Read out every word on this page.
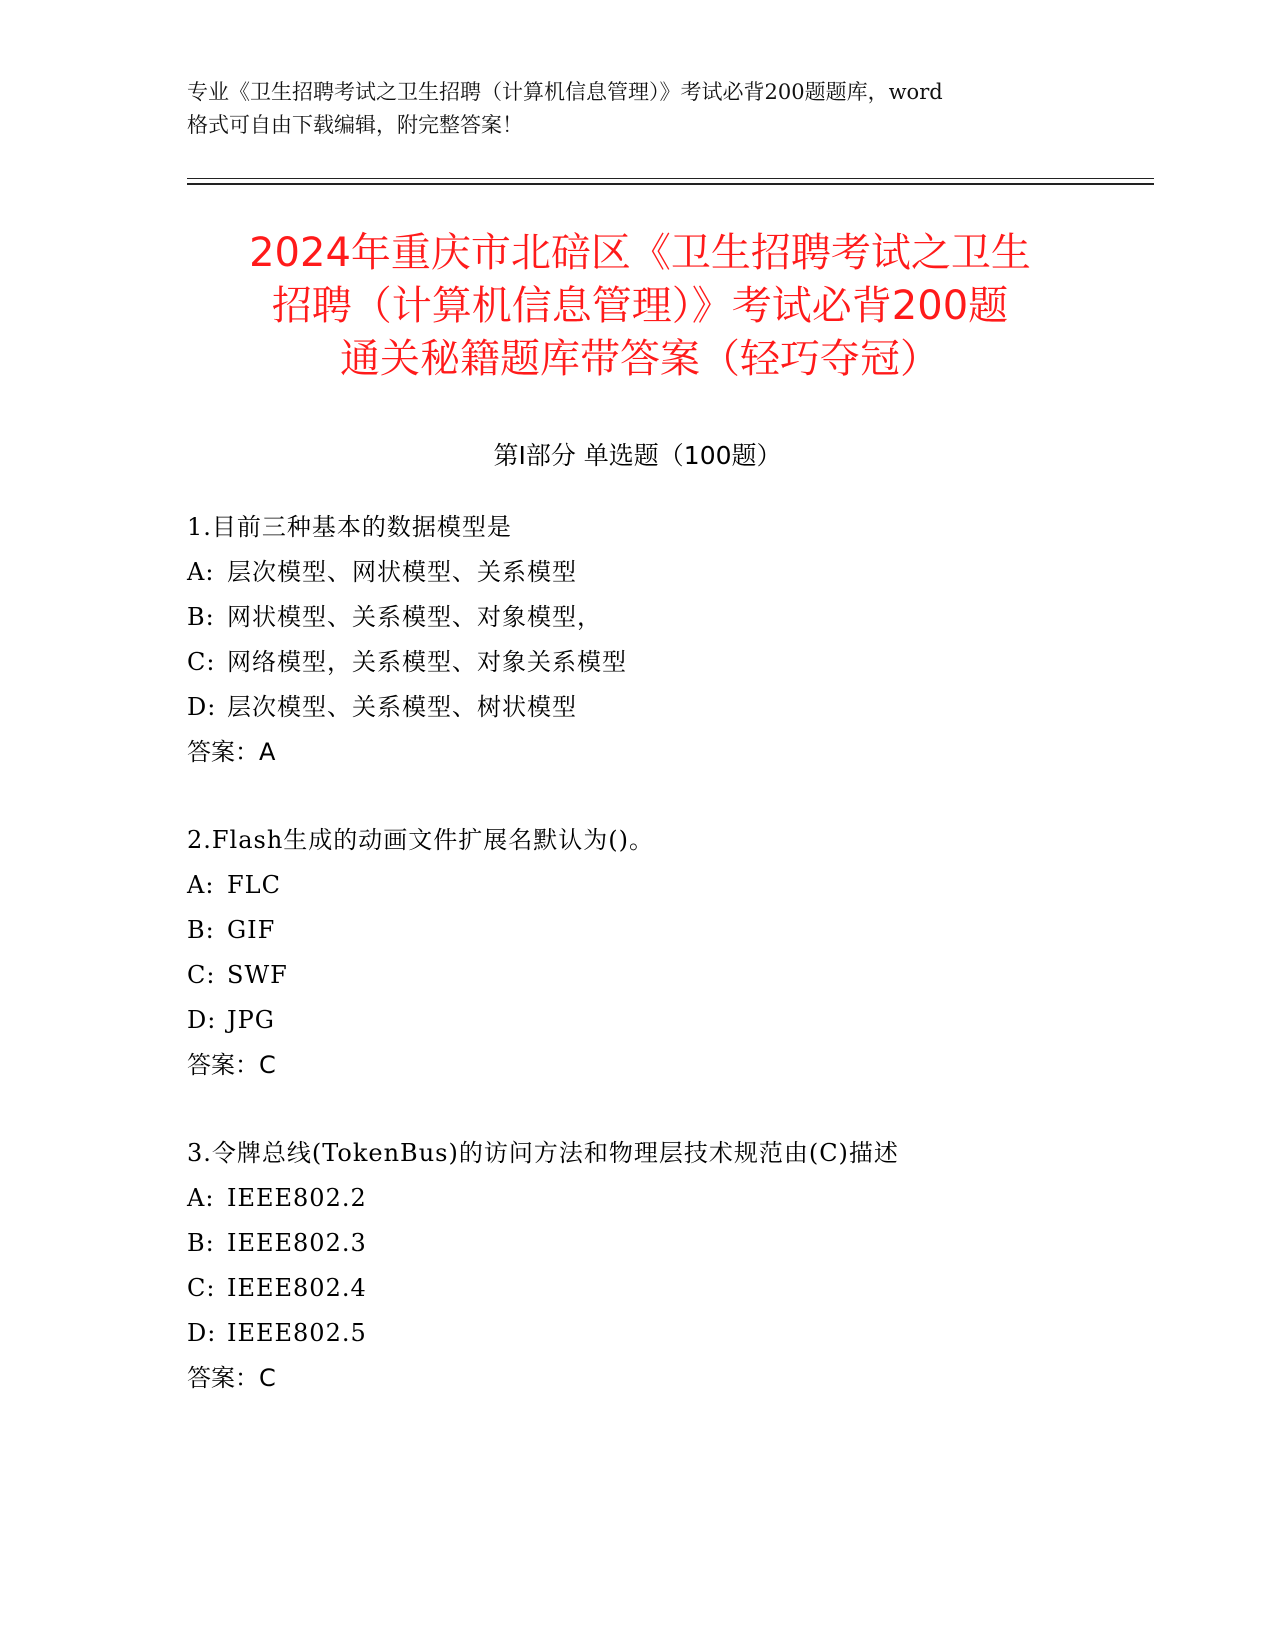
专业《卫生招聘考试之卫生招聘（计算机信息管理）》考试必背200题题库，word
格式可自由下载编辑，附完整答案！
2024年重庆市北碚区《卫生招聘考试之卫生
招聘（计算机信息管理）》考试必背200题
通关秘籍题库带答案（轻巧夺冠）
第Ⅰ部分 单选题（100题）
1.目前三种基本的数据模型是
A: 层次模型、网状模型、关系模型
B: 网状模型、关系模型、对象模型，
C: 网络模型，关系模型、对象关系模型
D: 层次模型、关系模型、树状模型
答案：A
2.Flash生成的动画文件扩展名默认为()。
A: FLC
B: GIF
C: SWF
D: JPG
答案：C
3.令牌总线(TokenBus)的访问方法和物理层技术规范由(C)描述
A: IEEE802.2
B: IEEE802.3
C: IEEE802.4
D: IEEE802.5
答案：C
